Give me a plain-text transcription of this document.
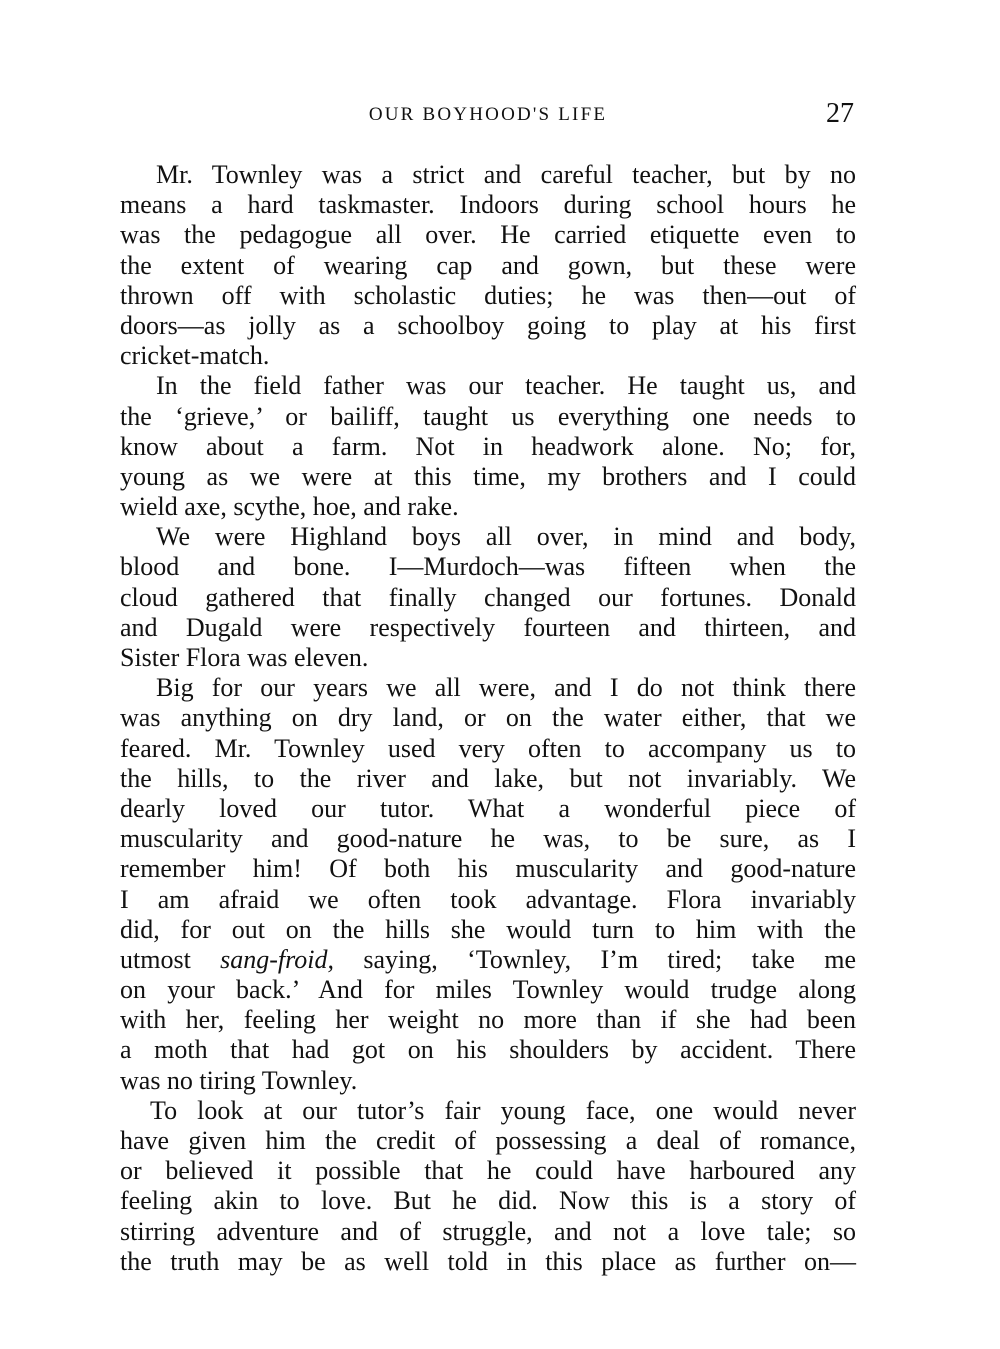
OUR BOYHOOD'S LIFE	27
Mr. Townley was a strict and careful teacher, but by no
means a hard taskmaster. Indoors during school hours he
was the pedagogue all over. He carried etiquette even to
the extent of wearing cap and gown, but these were
thrown off with scholastic duties; he was then—out of
doors—as jolly as a schoolboy going to play at his first
cricket-match.
In the field father was our teacher. He taught us, and
the ‘grieve,’ or bailiff, taught us everything one needs to
know about a farm. Not in headwork alone. No; for,
young as we were at this time, my brothers and I could
wield axe, scythe, hoe, and rake.
We were Highland boys all over, in mind and body,
blood and bone. I—Murdoch—was fifteen when the
cloud gathered that finally changed our fortunes. Donald
and Dugald were respectively fourteen and thirteen, and
Sister Flora was eleven.
Big for our years we all were, and I do not think there
was anything on dry land, or on the water either, that we
feared. Mr. Townley used very often to accompany us to
the hills, to the river and lake, but not invariably. We
dearly loved our tutor. What a wonderful piece of
muscularity and good-nature he was, to be sure, as I
remember him! Of both his muscularity and good-nature
I am afraid we often took advantage. Flora invariably
did, for out on the hills she would turn to him with the
utmost sang-froid, saying, ‘Townley, I’m tired; take me
on your back.’ And for miles Townley would trudge along
with her, feeling her weight no more than if she had been
a moth that had got on his shoulders by accident. There
was no tiring Townley.
To look at our tutor’s fair young face, one would never
have given him the credit of possessing a deal of romance,
or believed it possible that he could have harboured any
feeling akin to love. But he did. Now this is a story of
stirring adventure and of struggle, and not a love tale; so
the truth may be as well told in this place as further on—
